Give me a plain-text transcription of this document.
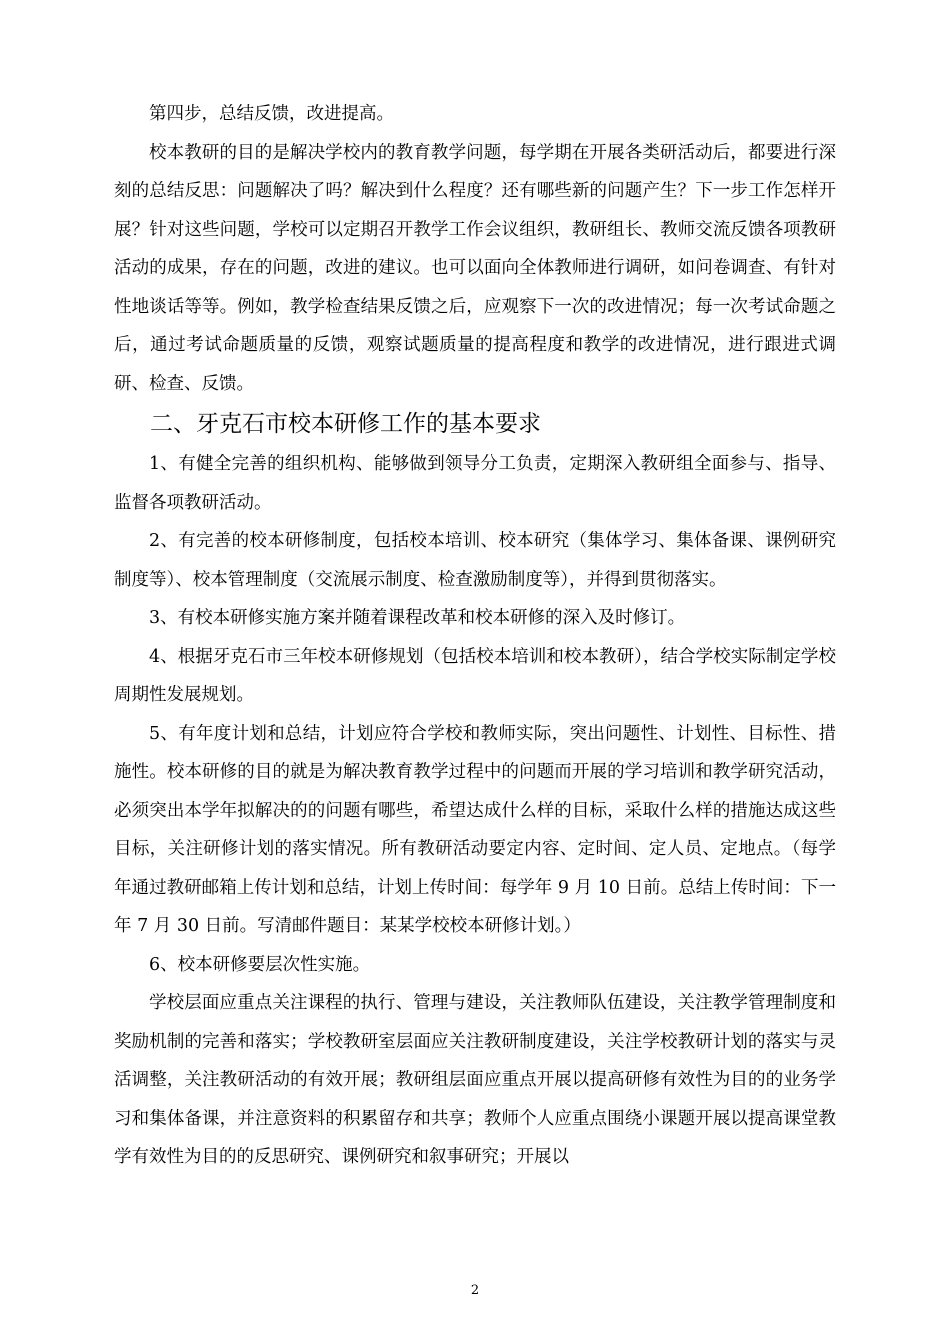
第四步，总结反馈，改进提高。

校本教研的目的是解决学校内的教育教学问题，每学期在开展各类研活动后，都要进行深刻的总结反思：问题解决了吗？解决到什么程度？还有哪些新的问题产生？下一步工作怎样开展？针对这些问题，学校可以定期召开教学工作会议组织，教研组长、教师交流反馈各项教研活动的成果，存在的问题，改进的建议。也可以面向全体教师进行调研，如问卷调查、有针对性地谈话等等。例如，教学检查结果反馈之后，应观察下一次的改进情况；每一次考试命题之后，通过考试命题质量的反馈，观察试题质量的提高程度和教学的改进情况，进行跟进式调研、检查、反馈。

二、牙克石市校本研修工作的基本要求

1、有健全完善的组织机构、能够做到领导分工负责，定期深入教研组全面参与、指导、监督各项教研活动。

2、有完善的校本研修制度，包括校本培训、校本研究（集体学习、集体备课、课例研究制度等）、校本管理制度（交流展示制度、检查激励制度等），并得到贯彻落实。

3、有校本研修实施方案并随着课程改革和校本研修的深入及时修订。

4、根据牙克石市三年校本研修规划（包括校本培训和校本教研），结合学校实际制定学校周期性发展规划。

5、有年度计划和总结，计划应符合学校和教师实际，突出问题性、计划性、目标性、措施性。校本研修的目的就是为解决教育教学过程中的问题而开展的学习培训和教学研究活动，必须突出本学年拟解决的的问题有哪些，希望达成什么样的目标，采取什么样的措施达成这些目标，关注研修计划的落实情况。所有教研活动要定内容、定时间、定人员、定地点。（每学年通过教研邮箱上传计划和总结，计划上传时间：每学年 9 月 10 日前。总结上传时间：下一年 7 月 30 日前。写清邮件题目：某某学校校本研修计划。）

6、校本研修要层次性实施。

学校层面应重点关注课程的执行、管理与建设，关注教师队伍建设，关注教学管理制度和奖励机制的完善和落实；学校教研室层面应关注教研制度建设，关注学校教研计划的落实与灵活调整，关注教研活动的有效开展；教研组层面应重点开展以提高研修有效性为目的的业务学习和集体备课，并注意资料的积累留存和共享；教师个人应重点围绕小课题开展以提高课堂教学有效性为目的的反思研究、课例研究和叙事研究；开展以

2
